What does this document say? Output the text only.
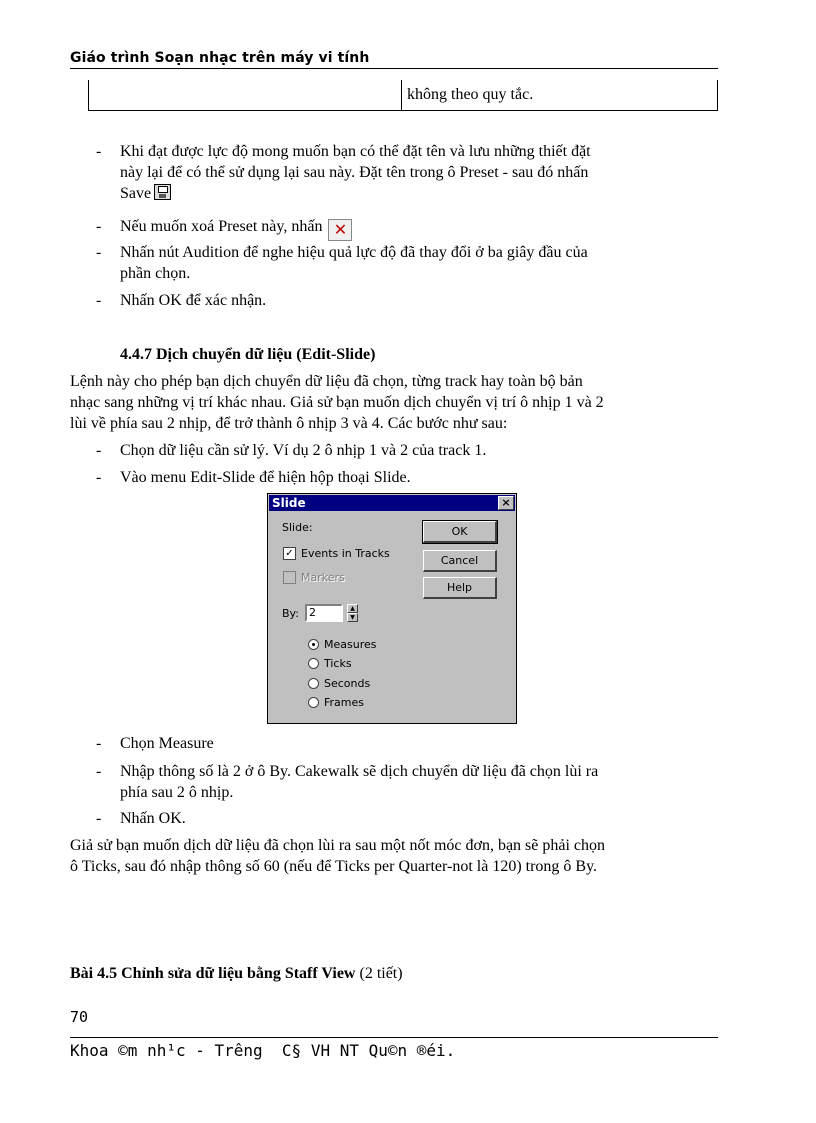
Giáo trình Soạn nhạc trên máy vi tính
không theo quy tắc.
- Khi đạt được lực độ mong muốn bạn có thể đặt tên và lưu những thiết đặt
này lại để có thể sử dụng lại sau này. Đặt tên trong ô Preset - sau đó nhấn
Save
- Nếu muốn xoá Preset này, nhấn ✕
- Nhấn nút Audition để nghe hiệu quả lực độ đã thay đổi ở ba giây đầu của
phần chọn.
- Nhấn OK để xác nhận.
4.4.7 Dịch chuyển dữ liệu (Edit-Slide)
Lệnh này cho phép bạn dịch chuyển dữ liệu đã chọn, từng track hay toàn bộ bản
nhạc sang những vị trí khác nhau. Giả sử bạn muốn dịch chuyển vị trí ô nhịp 1 và 2
lùi về phía sau 2 nhịp, để trở thành ô nhịp 3 và 4. Các bước như sau:
- Chọn dữ liệu cần sử lý. Ví dụ 2 ô nhịp 1 và 2 của track 1.
- Vào menu Edit-Slide để hiện hộp thoại Slide.
Slide	×
Slide:
✓ Events in Tracks
Markers
By: 2	▲
▼
Measures
Ticks
Seconds
Frames
OK
Cancel
Help
- Chọn Measure
- Nhập thông số là 2 ở ô By. Cakewalk sẽ dịch chuyển dữ liệu đã chọn lùi ra
phía sau 2 ô nhịp.
- Nhấn OK.
Giả sử bạn muốn dịch dữ liệu đã chọn lùi ra sau một nốt móc đơn, bạn sẽ phải chọn
ô Ticks, sau đó nhập thông số 60 (nếu để Ticks per Quarter-not là 120) trong ô By.
Bài 4.5 Chỉnh sửa dữ liệu bằng Staff View (2 tiết)
70
Khoa ©m nh¹c - Trêng  C§ VH NT Qu©n ®éi.
